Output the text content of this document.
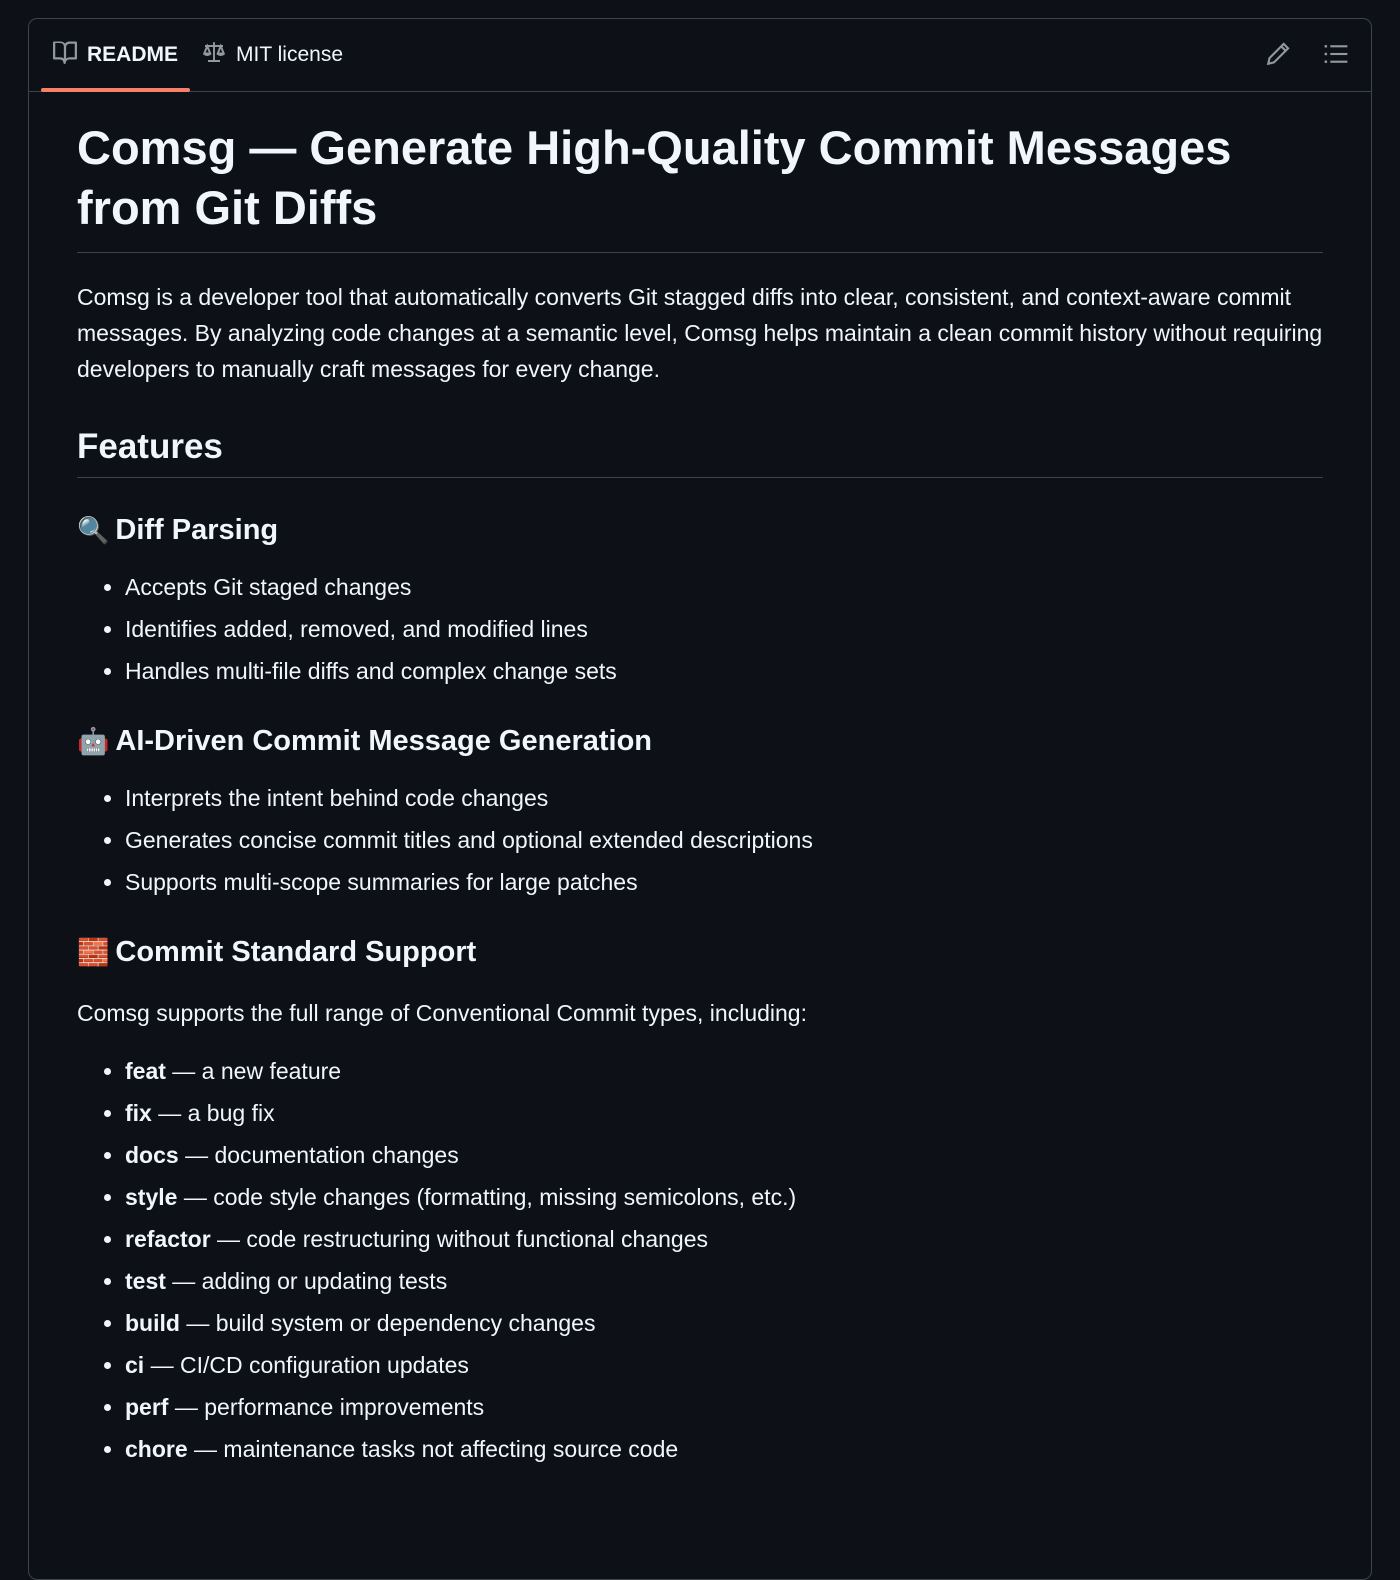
README	MIT license
Comsg — Generate High-Quality Commit Messages from Git Diffs

Comsg is a developer tool that automatically converts Git stagged diffs into clear, consistent, and context-aware commit messages. By analyzing code changes at a semantic level, Comsg helps maintain a clean commit history without requiring developers to manually craft messages for every change.

Features
🔍 Diff Parsing
• Accepts Git staged changes
• Identifies added, removed, and modified lines
• Handles multi-file diffs and complex change sets
🤖 AI-Driven Commit Message Generation
• Interprets the intent behind code changes
• Generates concise commit titles and optional extended descriptions
• Supports multi-scope summaries for large patches
🧱 Commit Standard Support

Comsg supports the full range of Conventional Commit types, including:

• feat — a new feature
• fix — a bug fix
• docs — documentation changes
• style — code style changes (formatting, missing semicolons, etc.)
• refactor — code restructuring without functional changes
• test — adding or updating tests
• build — build system or dependency changes
• ci — CI/CD configuration updates
• perf — performance improvements
• chore — maintenance tasks not affecting source code
